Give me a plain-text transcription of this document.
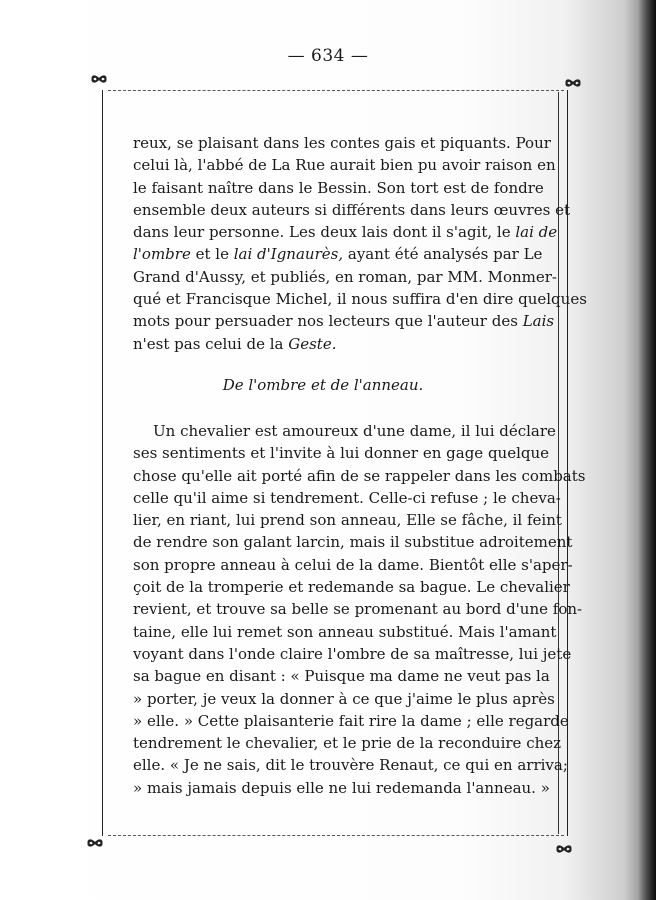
— 634 —
reux, se plaisant dans les contes gais et piquants. Pour
celui là, l'abbé de La Rue aurait bien pu avoir raison en
le faisant naître dans le Bessin. Son tort est de fondre
ensemble deux auteurs si différents dans leurs œuvres et
dans leur personne. Les deux lais dont il s'agit, le lai de
l'ombre et le lai d'Ignaurès, ayant été analysés par Le
Grand d'Aussy, et publiés, en roman, par MM. Monmer-
qué et Francisque Michel, il nous suffira d'en dire quelques
mots pour persuader nos lecteurs que l'auteur des Lais
n'est pas celui de la Geste.
De l'ombre et de l'anneau.
Un chevalier est amoureux d'une dame, il lui déclare
ses sentiments et l'invite à lui donner en gage quelque
chose qu'elle ait porté afin de se rappeler dans les combats
celle qu'il aime si tendrement. Celle-ci refuse ; le cheva-
lier, en riant, lui prend son anneau, Elle se fâche, il feint
de rendre son galant larcin, mais il substitue adroitement
son propre anneau à celui de la dame. Bientôt elle s'aper-
çoit de la tromperie et redemande sa bague. Le chevalier
revient, et trouve sa belle se promenant au bord d'une fon-
taine, elle lui remet son anneau substitué. Mais l'amant
voyant dans l'onde claire l'ombre de sa maîtresse, lui jete
sa bague en disant : « Puisque ma dame ne veut pas la
» porter, je veux la donner à ce que j'aime le plus après
» elle. » Cette plaisanterie fait rire la dame ; elle regarde
tendrement le chevalier, et le prie de la reconduire chez
elle. « Je ne sais, dit le trouvère Renaut, ce qui en arriva;
» mais jamais depuis elle ne lui redemanda l'anneau. »
